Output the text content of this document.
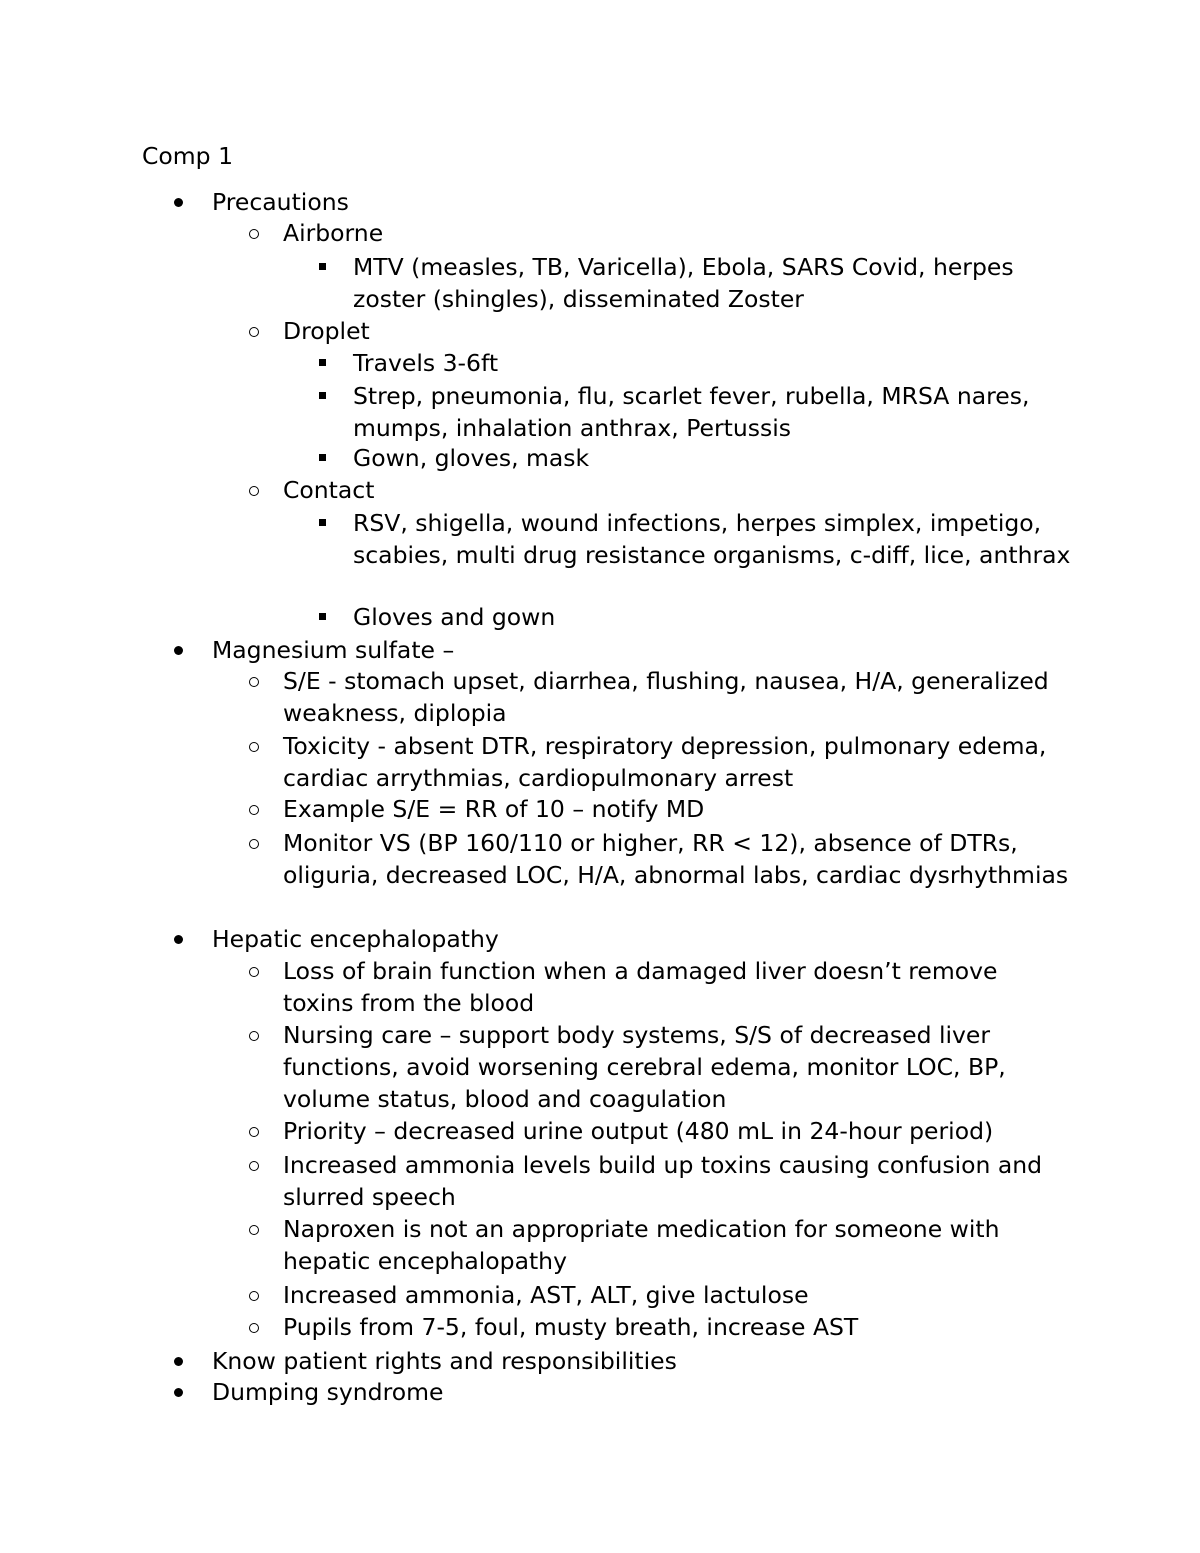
Comp 1

Precautions
Airborne
MTV (measles, TB, Varicella), Ebola, SARS Covid, herpes zoster (shingles), disseminated Zoster
Droplet
Travels 3-6ft
Strep, pneumonia, flu, scarlet fever, rubella, MRSA nares, mumps, inhalation anthrax, Pertussis
Gown, gloves, mask
Contact
RSV, shigella, wound infections, herpes simplex, impetigo, scabies, multi drug resistance organisms, c-diff, lice, anthrax
Gloves and gown
Magnesium sulfate –
S/E - stomach upset, diarrhea, flushing, nausea, H/A, generalized weakness, diplopia
Toxicity - absent DTR, respiratory depression, pulmonary edema, cardiac arrythmias, cardiopulmonary arrest
Example S/E = RR of 10 – notify MD
Monitor VS (BP 160/110 or higher, RR < 12), absence of DTRs, oliguria, decreased LOC, H/A, abnormal labs, cardiac dysrhythmias
Hepatic encephalopathy
Loss of brain function when a damaged liver doesn’t remove toxins from the blood
Nursing care – support body systems, S/S of decreased liver functions, avoid worsening cerebral edema, monitor LOC, BP, volume status, blood and coagulation
Priority – decreased urine output (480 mL in 24-hour period)
Increased ammonia levels build up toxins causing confusion and slurred speech
Naproxen is not an appropriate medication for someone with hepatic encephalopathy
Increased ammonia, AST, ALT, give lactulose
Pupils from 7-5, foul, musty breath, increase AST
Know patient rights and responsibilities
Dumping syndrome
